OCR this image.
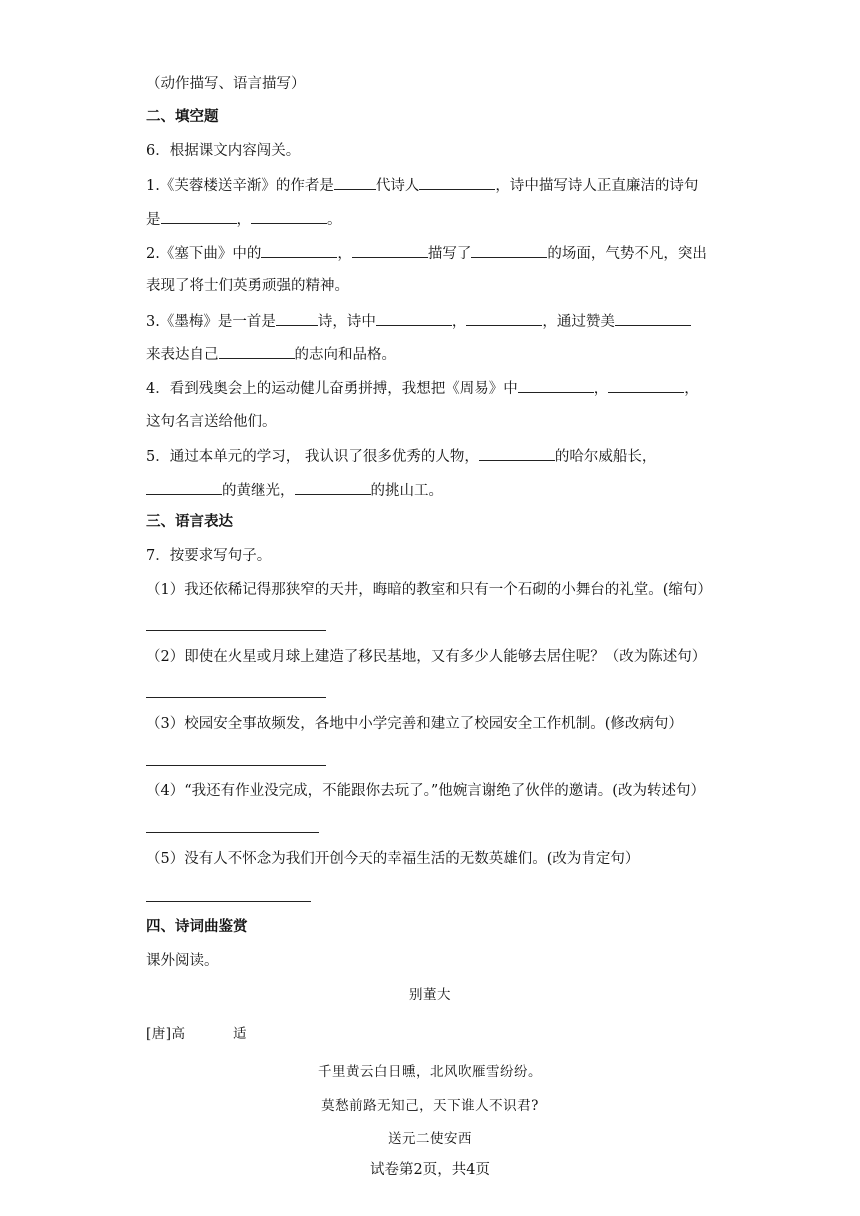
（动作描写、语言描写）
二、填空题
6．根据课文内容闯关。
1.《芙蓉楼送辛渐》的作者是	代诗人	，诗中描写诗人正直廉洁的诗句
是	，	。
2.《塞下曲》中的	，	描写了	的场面，气势不凡，突出
表现了将士们英勇顽强的精神。
3.《墨梅》是一首是	诗，诗中	，	，通过赞美
来表达自己	的志向和品格。
4．看到残奥会上的运动健儿奋勇拼搏，我想把《周易》中	，	，
这句名言送给他们。
5．通过本单元的学习， 我认识了很多优秀的人物，	的哈尔威船长，
的黄继光，	的挑山工。
三、语言表达
7．按要求写句子。
（1）我还依稀记得那狭窄的天井，晦暗的教室和只有一个石砌的小舞台的礼堂。(缩句）
（2）即使在火星或月球上建造了移民基地，又有多少人能够去居住呢？（改为陈述句）
（3）校园安全事故频发，各地中小学完善和建立了校园安全工作机制。(修改病句）
（4）“我还有作业没完成，不能跟你去玩了。”他婉言谢绝了伙伴的邀请。(改为转述句）
（5）没有人不怀念为我们开创今天的幸福生活的无数英雄们。(改为肯定句）
四、诗词曲鉴赏
课外阅读。
别董大
[唐]高	适
千里黄云白日曛，北风吹雁雪纷纷。
莫愁前路无知己，天下谁人不识君?
送元二使安西
试卷第2页，共4页
